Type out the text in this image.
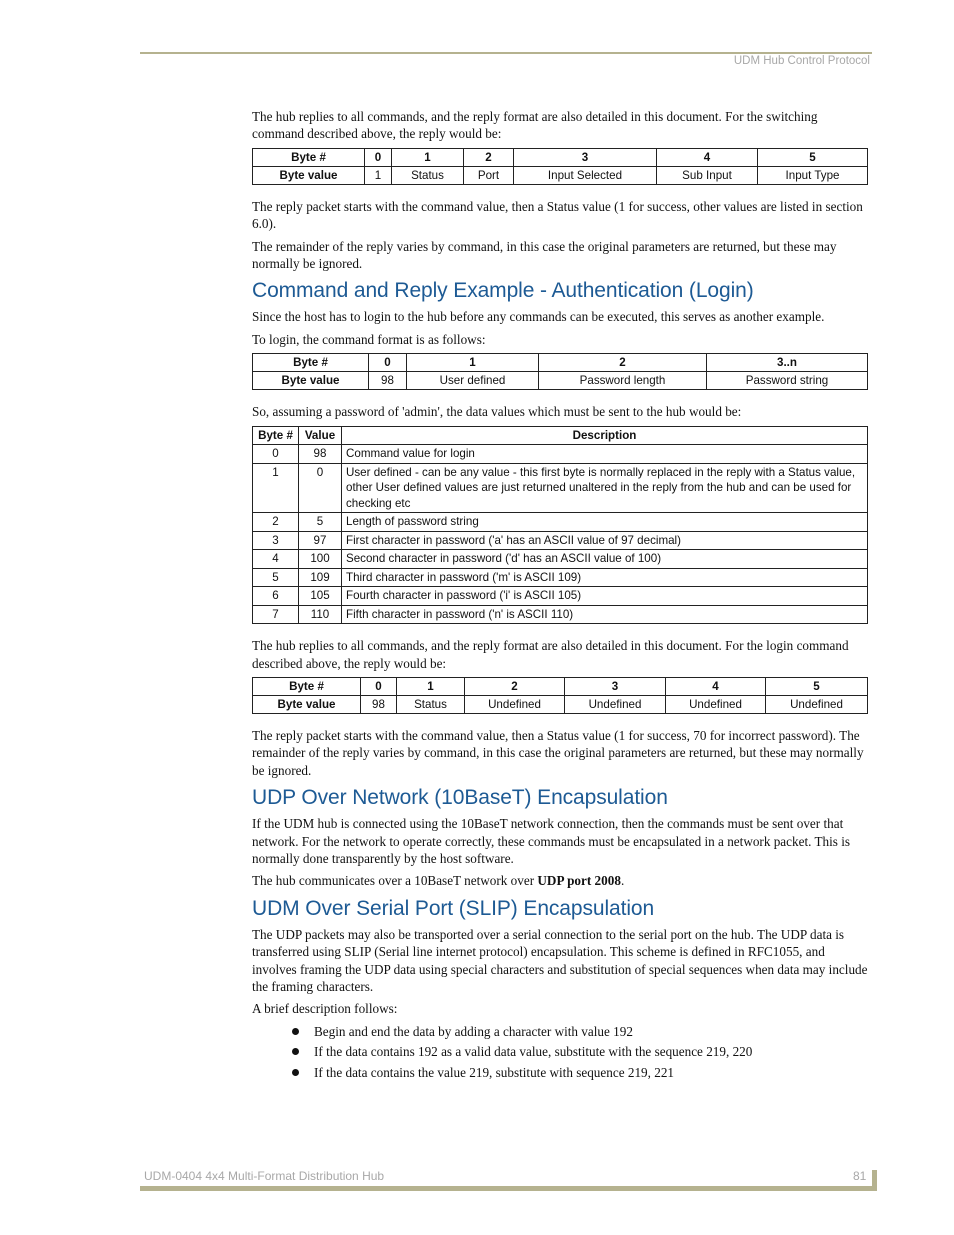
UDM Hub Control Protocol

The hub replies to all commands, and the reply format are also detailed in this document. For the switching command described above, the reply would be:

Byte #	0	1	2	3	4	5
Byte value	1	Status	Port	Input Selected	Sub Input	Input Type

The reply packet starts with the command value, then a Status value (1 for success, other values are listed in section 6.0).

The remainder of the reply varies by command, in this case the original parameters are returned, but these may normally be ignored.

Command and Reply Example - Authentication (Login)

Since the host has to login to the hub before any commands can be executed, this serves as another example.

To login, the command format is as follows:

Byte #	0	1	2	3..n
Byte value	98	User defined	Password length	Password string

So, assuming a password of 'admin', the data values which must be sent to the hub would be:

Byte #	Value	Description
0	98	Command value for login
1	0	User defined - can be any value - this first byte is normally replaced in the reply with a Status value, other User defined values are just returned unaltered in the reply from the hub and can be used for checking etc
2	5	Length of password string
3	97	First character in password ('a' has an ASCII value of 97 decimal)
4	100	Second character in password ('d' has an ASCII value of 100)
5	109	Third character in password ('m' is ASCII 109)
6	105	Fourth character in password ('i' is ASCII 105)
7	110	Fifth character in password ('n' is ASCII 110)

The hub replies to all commands, and the reply format are also detailed in this document. For the login command described above, the reply would be:

Byte #	0	1	2	3	4	5
Byte value	98	Status	Undefined	Undefined	Undefined	Undefined

The reply packet starts with the command value, then a Status value (1 for success, 70 for incorrect password). The remainder of the reply varies by command, in this case the original parameters are returned, but these may normally be ignored.

UDP Over Network (10BaseT) Encapsulation

If the UDM hub is connected using the 10BaseT network connection, then the commands must be sent over that network. For the network to operate correctly, these commands must be encapsulated in a network packet. This is normally done transparently by the host software.

The hub communicates over a 10BaseT network over UDP port 2008.

UDM Over Serial Port (SLIP) Encapsulation

The UDP packets may also be transported over a serial connection to the serial port on the hub. The UDP data is transferred using SLIP (Serial line internet protocol) encapsulation. This scheme is defined in RFC1055, and involves framing the UDP data using special characters and substitution of special sequences when data may include the framing characters.

A brief description follows:

Begin and end the data by adding a character with value 192
If the data contains 192 as a valid data value, substitute with the sequence 219, 220
If the data contains the value 219, substitute with sequence 219, 221
UDM-0404 4x4 Multi-Format Distribution Hub	81
